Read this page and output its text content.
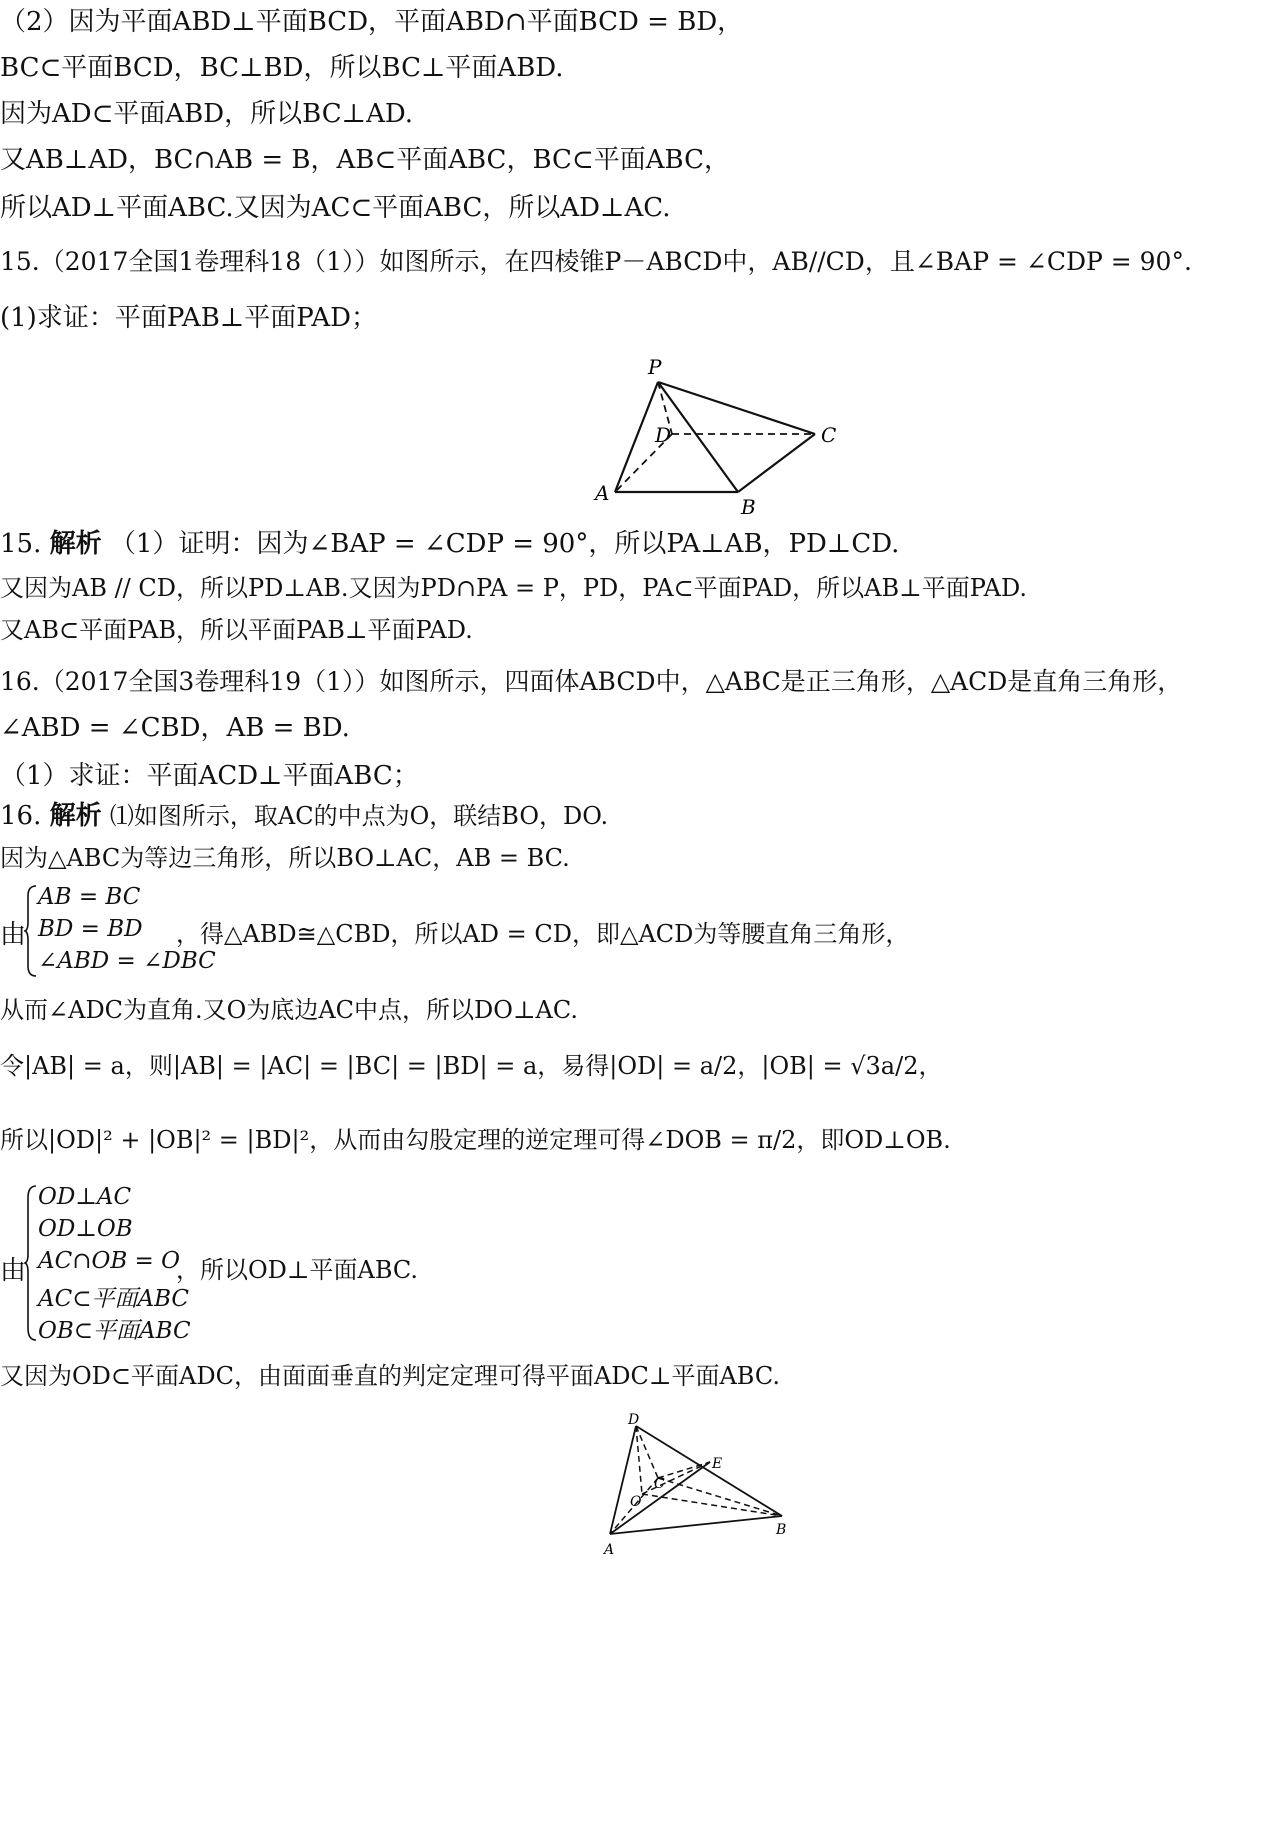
（2）因为平面ABD⊥平面BCD，平面ABD∩平面BCD = BD，
BC⊂平面BCD，BC⊥BD，所以BC⊥平面ABD.
因为AD⊂平面ABD，所以BC⊥AD.
又AB⊥AD，BC∩AB = B，AB⊂平面ABC，BC⊂平面ABC，
所以AD⊥平面ABC.又因为AC⊂平面ABC，所以AD⊥AC.
15.（2017全国1卷理科18（1））如图所示，在四棱锥P－ABCD中，AB//CD，且∠BAP = ∠CDP = 90°.
(1)求证：平面PAB⊥平面PAD；
P
D	C
A
B
15. 解析 （1）证明：因为∠BAP = ∠CDP = 90°，所以PA⊥AB，PD⊥CD.
又因为AB // CD，所以PD⊥AB.又因为PD∩PA = P，PD，PA⊂平面PAD，所以AB⊥平面PAD.
又AB⊂平面PAB，所以平面PAB⊥平面PAD.
16.（2017全国3卷理科19（1））如图所示，四面体ABCD中，△ABC是正三角形，△ACD是直角三角形，
∠ABD = ∠CBD，AB = BD.
（1）求证：平面ACD⊥平面ABC；
16. 解析 ⑴如图所示，取AC的中点为O，联结BO，DO.
因为△ABC为等边三角形，所以BO⊥AC，AB = BC.
由
AB = BC
BD = BD
∠ABD = ∠DBC
，得△ABD≅△CBD，所以AD = CD，即△ACD为等腰直角三角形，
从而∠ADC为直角.又O为底边AC中点，所以DO⊥AC.
令|AB| = a，则|AB| = |AC| = |BC| = |BD| = a，易得|OD| = a/2，|OB| = √3a/2，
所以|OD|² + |OB|² = |BD|²，从而由勾股定理的逆定理可得∠DOB = π/2，即OD⊥OB.
由
OD⊥AC
OD⊥OB
AC∩OB = O
AC⊂平面ABC
OB⊂平面ABC
，所以OD⊥平面ABC.
又因为OD⊂平面ADC，由面面垂直的判定定理可得平面ADC⊥平面ABC.
D
E
C
O
A
B
